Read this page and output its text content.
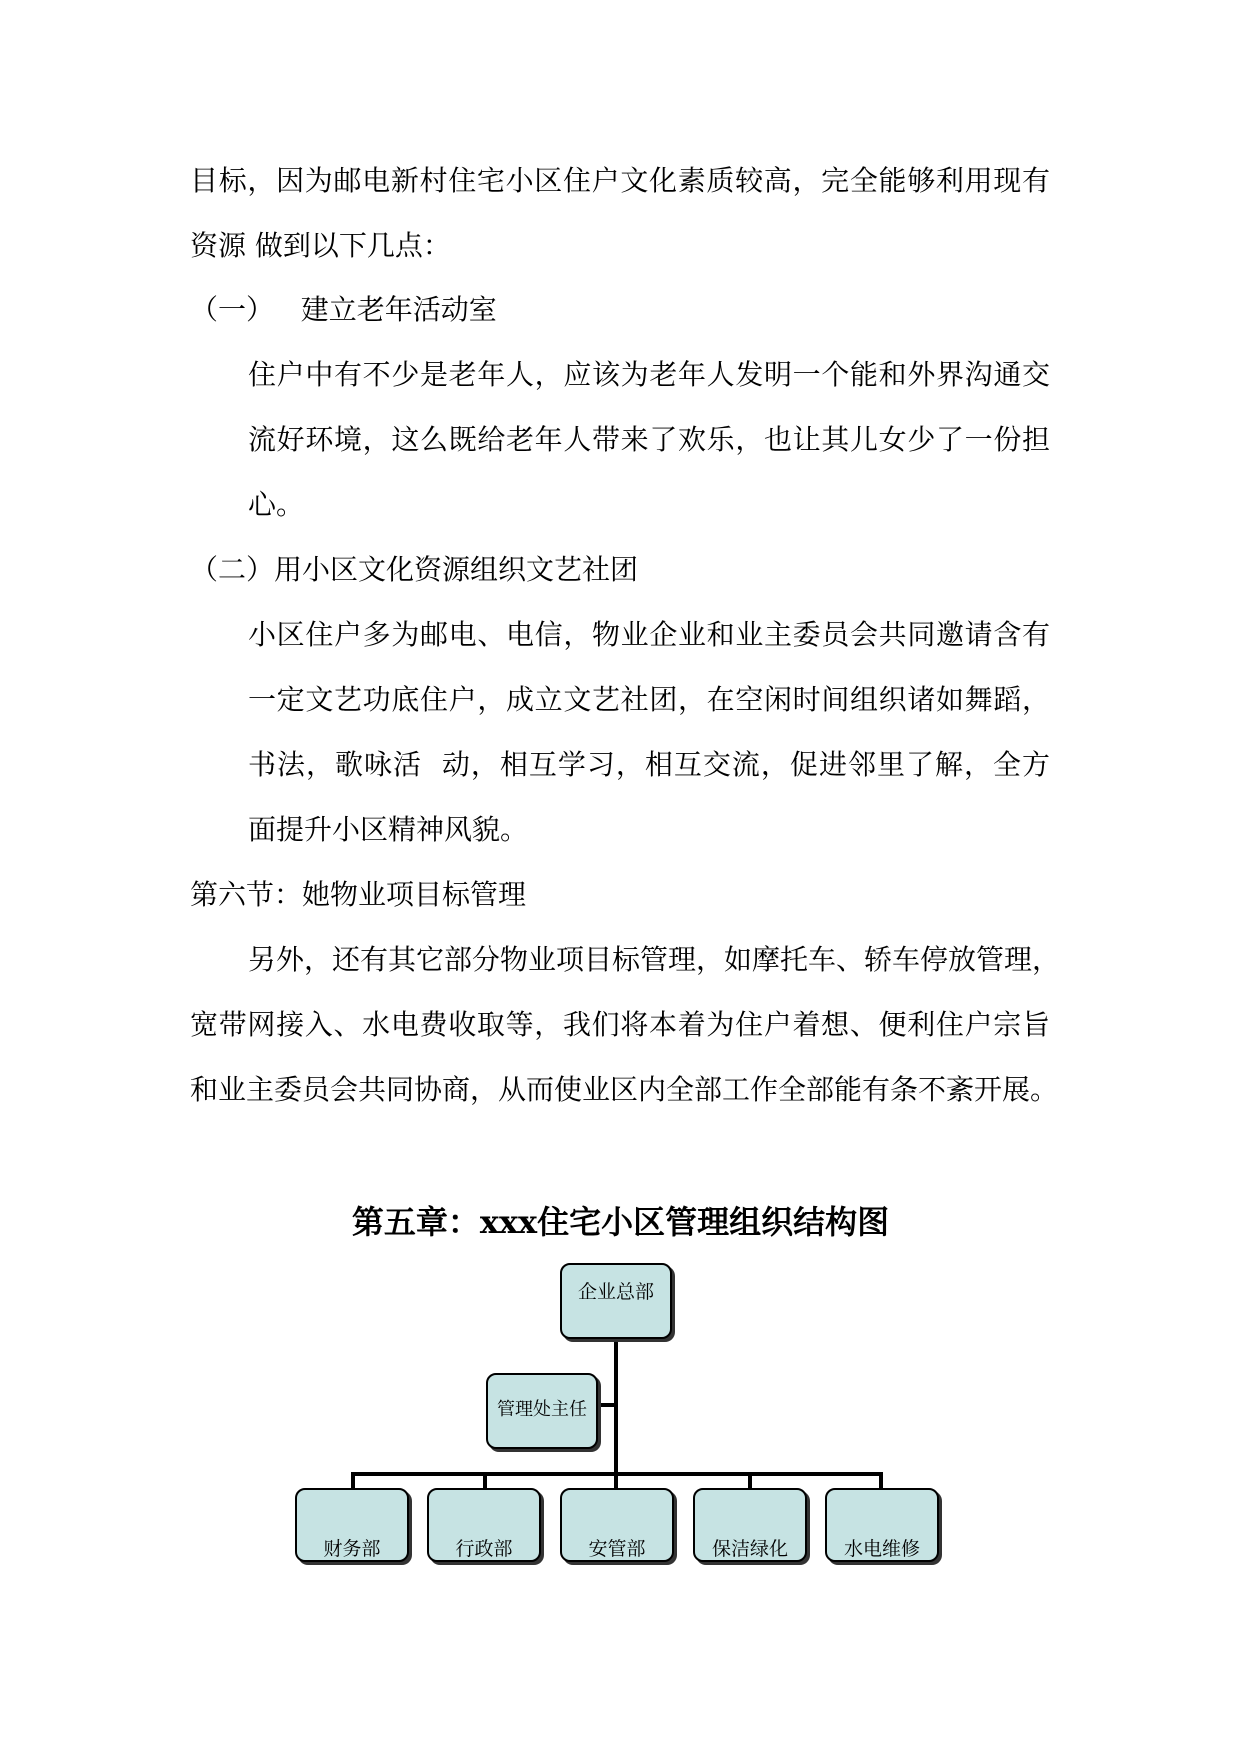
目标，因为邮电新村住宅小区住户文化素质较高，完全能够利用现有
资源 做到以下几点：
（一）   建立老年活动室
住户中有不少是老年人，应该为老年人发明一个能和外界沟通交
流好环境，这么既给老年人带来了欢乐，也让其儿女少了一份担
心。
（二）用小区文化资源组织文艺社团
小区住户多为邮电、电信，物业企业和业主委员会共同邀请含有
一定文艺功底住户，成立文艺社团，在空闲时间组织诸如舞蹈，
书法，歌咏活  动，相互学习，相互交流，促进邻里了解，全方
面提升小区精神风貌。
第六节：她物业项目标管理
另外，还有其它部分物业项目标管理，如摩托车、轿车停放管理，
宽带网接入、水电费收取等，我们将本着为住户着想、便利住户宗旨
和业主委员会共同协商，从而使业区内全部工作全部能有条不紊开展。
第五章：xxx住宅小区管理组织结构图
企业总部
管理处主任
财务部	行政部	安管部	保洁绿化	水电维修
